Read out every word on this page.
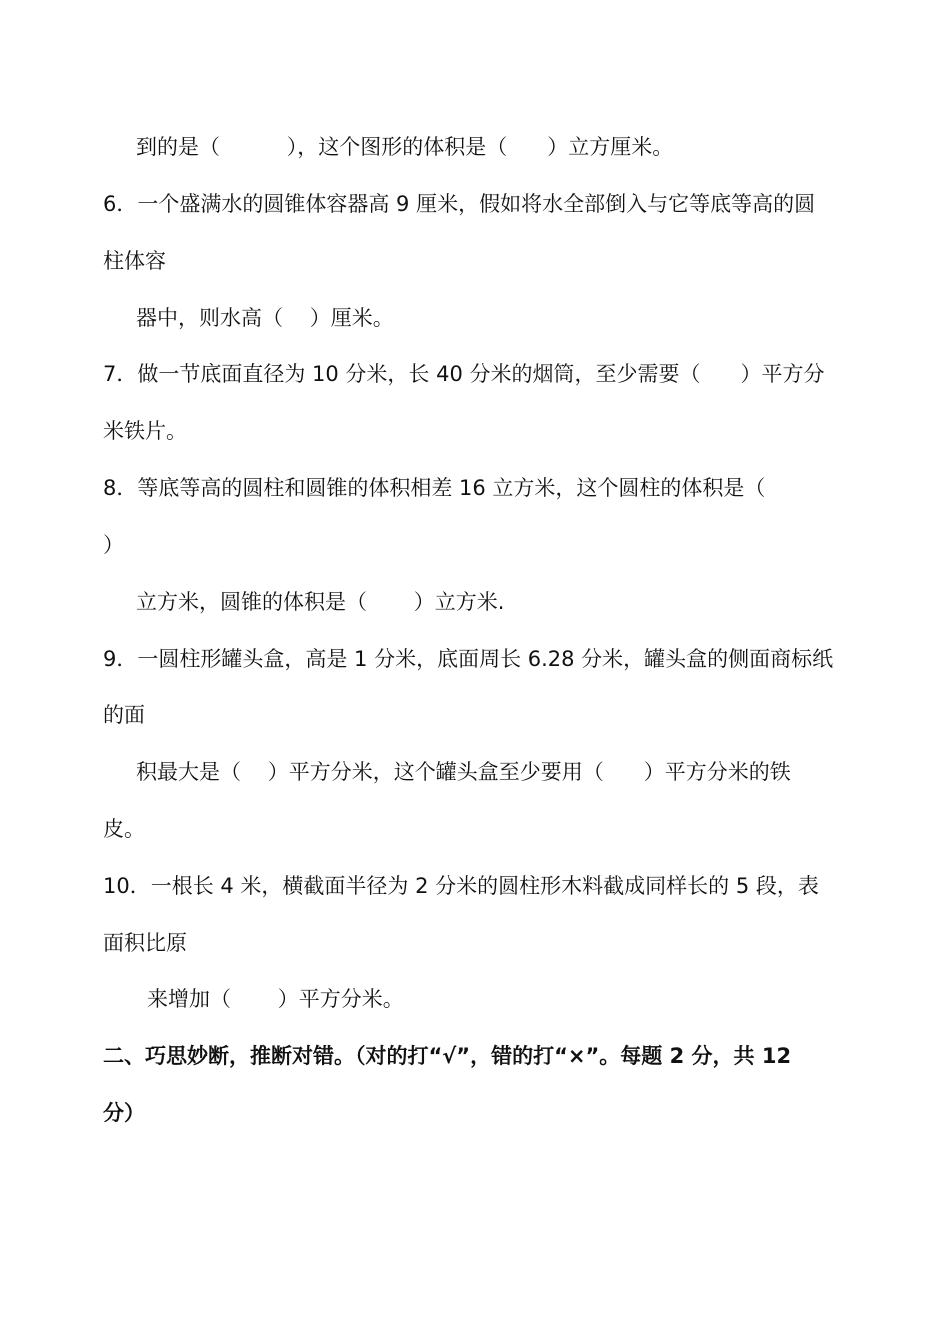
到的是（          ），这个图形的体积是（      ）立方厘米。
6．一个盛满水的圆锥体容器高 9 厘米，假如将水全部倒入与它等底等高的圆
柱体容
器中，则水高（    ）厘米。
7．做一节底面直径为 10 分米，长 40 分米的烟筒，至少需要（      ）平方分
米铁片。
8．等底等高的圆柱和圆锥的体积相差 16 立方米，这个圆柱的体积是（
）
立方米，圆锥的体积是（       ）立方米.
9．一圆柱形罐头盒，高是 1 分米，底面周长 6.28 分米，罐头盒的侧面商标纸
的面
积最大是（    ）平方分米，这个罐头盒至少要用（      ）平方分米的铁
皮。
10．一根长 4 米，横截面半径为 2 分米的圆柱形木料截成同样长的 5 段，表
面积比原
来增加（       ）平方分米。
二、巧思妙断，推断对错。（对的打“√”，错的打“×”。每题 2 分，共 12
分）
